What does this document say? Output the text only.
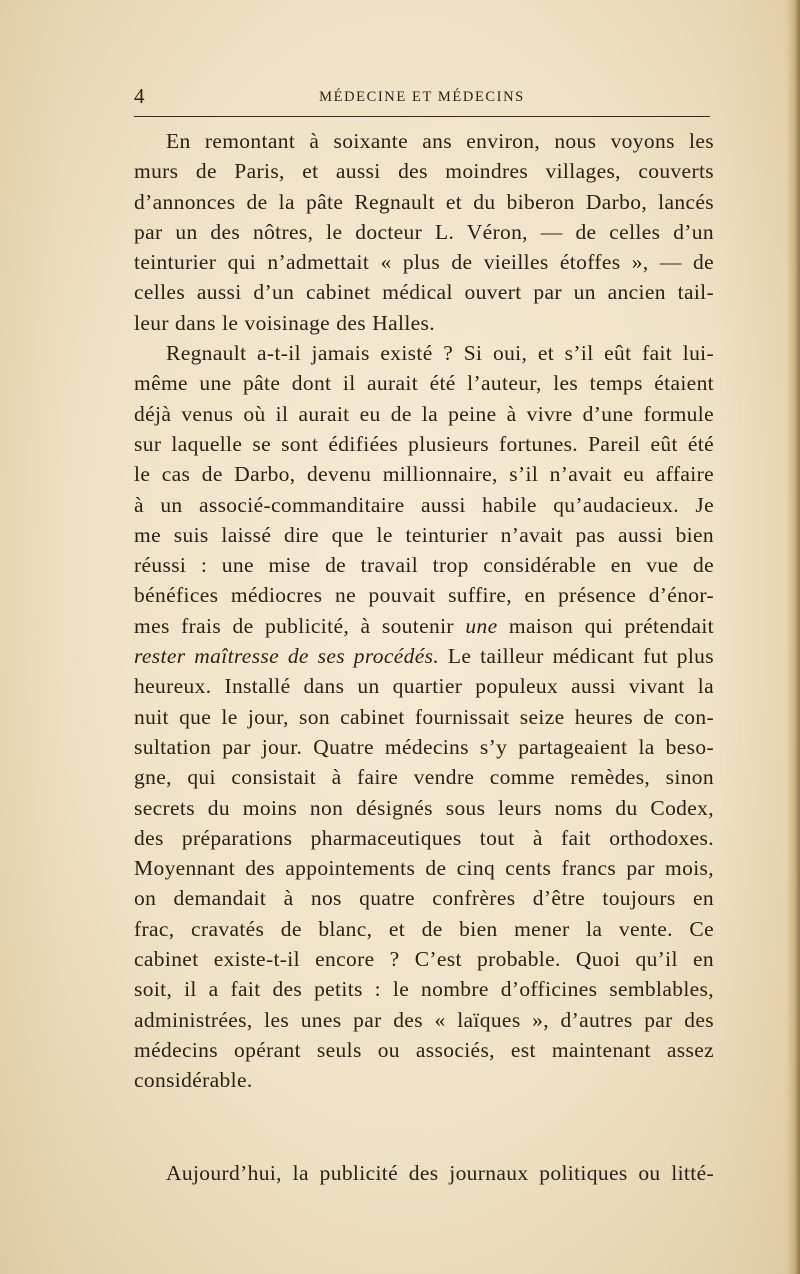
4	MÉDECINE ET MÉDECINS
En remontant à soixante ans environ, nous voyons les
murs de Paris, et aussi des moindres villages, couverts
d’annonces de la pâte Regnault et du biberon Darbo, lancés
par un des nôtres, le docteur L. Véron, — de celles d’un
teinturier qui n’admettait « plus de vieilles étoffes », — de
celles aussi d’un cabinet médical ouvert par un ancien tail-
leur dans le voisinage des Halles.
Regnault a-t-il jamais existé ? Si oui, et s’il eût fait lui-
même une pâte dont il aurait été l’auteur, les temps étaient
déjà venus où il aurait eu de la peine à vivre d’une formule
sur laquelle se sont édifiées plusieurs fortunes. Pareil eût été
le cas de Darbo, devenu millionnaire, s’il n’avait eu affaire
à un associé-commanditaire aussi habile qu’audacieux. Je
me suis laissé dire que le teinturier n’avait pas aussi bien
réussi : une mise de travail trop considérable en vue de
bénéfices médiocres ne pouvait suffire, en présence d’énor-
mes frais de publicité, à soutenir une maison qui prétendait
rester maîtresse de ses procédés. Le tailleur médicant fut plus
heureux. Installé dans un quartier populeux aussi vivant la
nuit que le jour, son cabinet fournissait seize heures de con-
sultation par jour. Quatre médecins s’y partageaient la beso-
gne, qui consistait à faire vendre comme remèdes, sinon
secrets du moins non désignés sous leurs noms du Codex,
des préparations pharmaceutiques tout à fait orthodoxes.
Moyennant des appointements de cinq cents francs par mois,
on demandait à nos quatre confrères d’être toujours en
frac, cravatés de blanc, et de bien mener la vente. Ce
cabinet existe-t-il encore ? C’est probable. Quoi qu’il en
soit, il a fait des petits : le nombre d’officines semblables,
administrées, les unes par des « laïques », d’autres par des
médecins opérant seuls ou associés, est maintenant assez
considérable.
Aujourd’hui, la publicité des journaux politiques ou litté-
